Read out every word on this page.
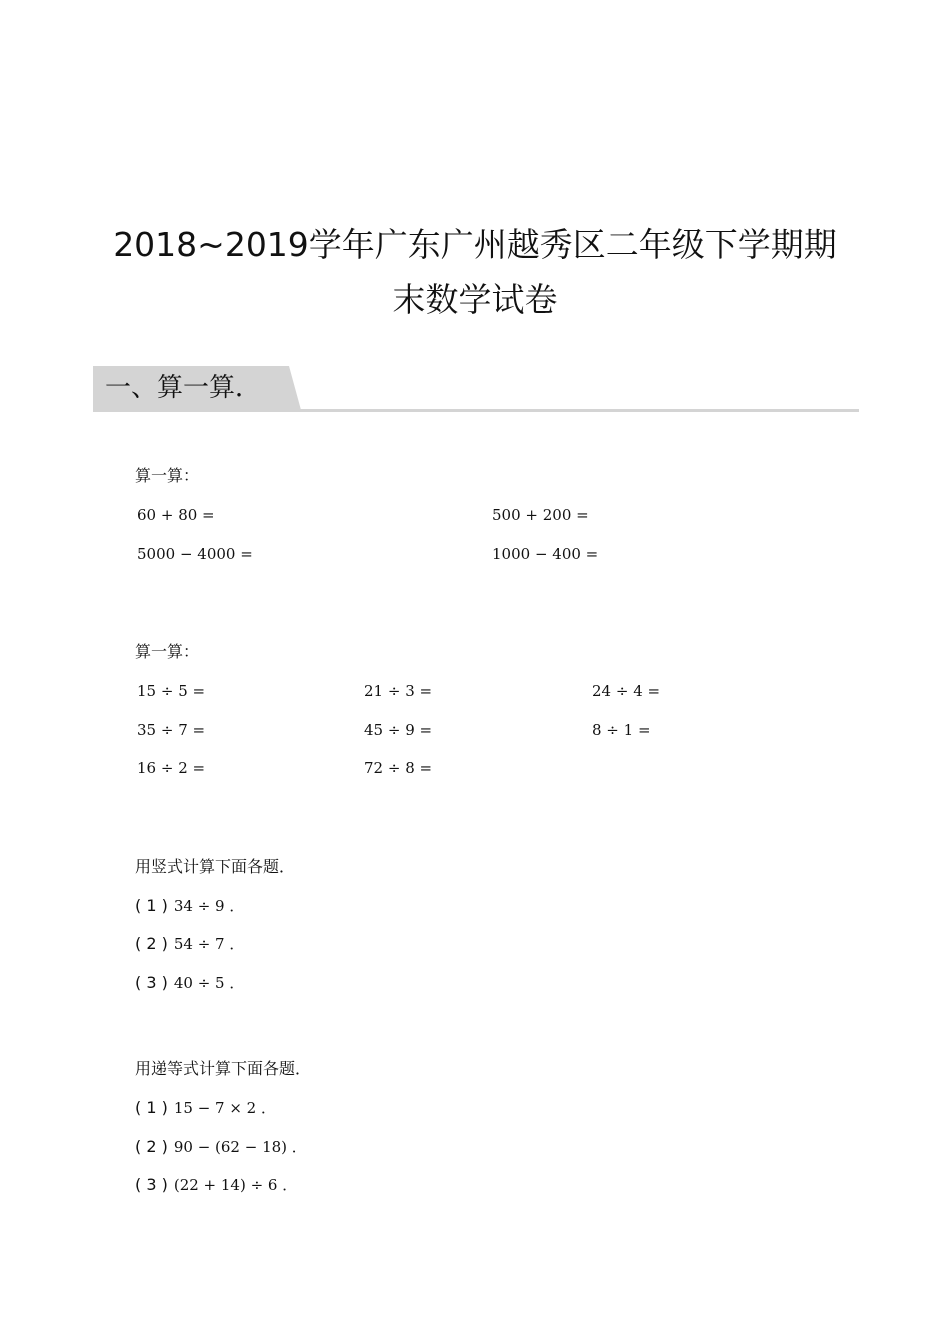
2018~2019学年广东广州越秀区二年级下学期期
末数学试卷
一、算一算．
算一算：
60 + 80 =	500 + 200 =
5000 − 4000 =	1000 − 400 =
算一算：
15 ÷ 5 =	21 ÷ 3 =	24 ÷ 4 =
35 ÷ 7 =	45 ÷ 9 =	8 ÷ 1 =
16 ÷ 2 =	72 ÷ 8 =
用竖式计算下面各题．
( 1 ) 34 ÷ 9 ．
( 2 ) 54 ÷ 7 ．
( 3 ) 40 ÷ 5 ．
用递等式计算下面各题．
( 1 ) 15 − 7 × 2 ．
( 2 ) 90 − (62 − 18) ．
( 3 ) (22 + 14) ÷ 6 ．
